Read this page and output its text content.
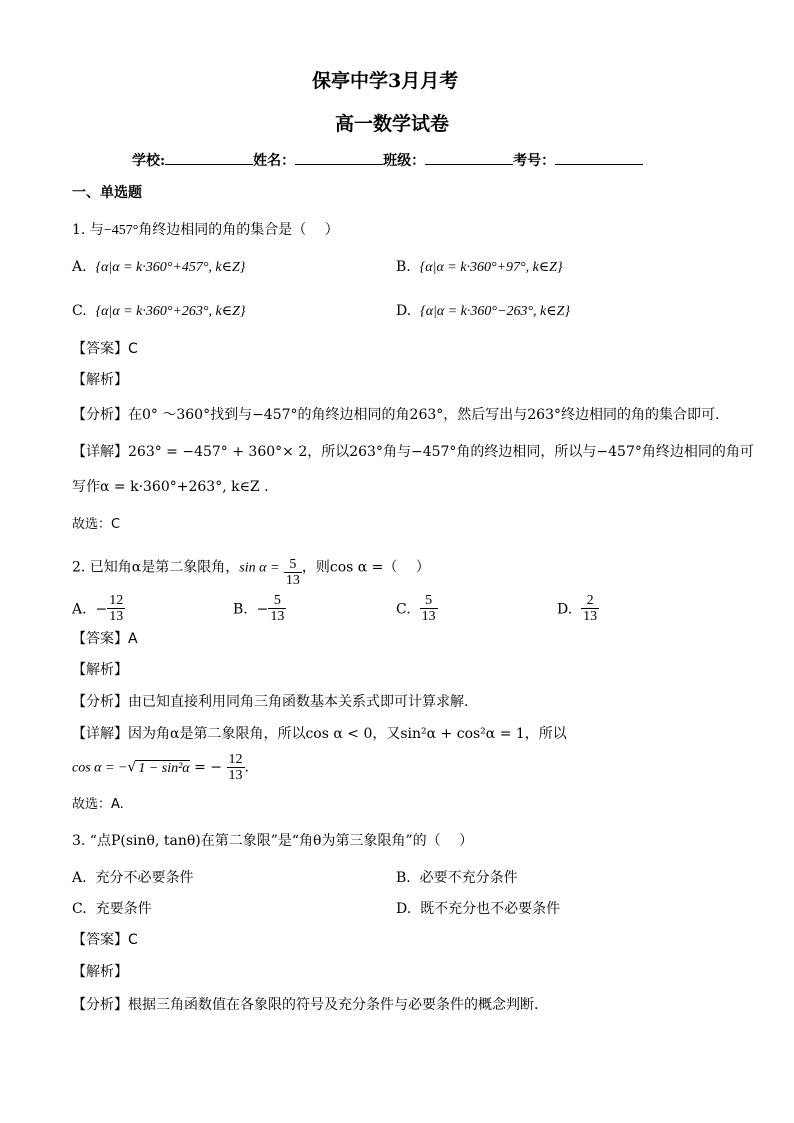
保亭中学3月月考
高一数学试卷
学校:	姓名：	班级：	考号：
一、单选题
1. 与−457°角终边相同的角的集合是（　 ）
A. {α|α = k·360°+457°, k∈Z}	B. {α|α = k·360°+97°, k∈Z}
C. {α|α = k·360°+263°, k∈Z}	D. {α|α = k·360°−263°, k∈Z}
【答案】C
【解析】
【分析】在0° ～360°找到与−457°的角终边相同的角263°，然后写出与263°终边相同的角的集合即可.
【详解】263° = −457° + 360°× 2，所以263°角与−457°角的终边相同，所以与−457°角终边相同的角可
写作α = k·360°+263°, k∈Z .
故选：C
2. 已知角α是第二象限角，$\sin \alpha = \frac{5}{13}$ ，则cos α =（　 ）
A. − $\frac{12}{13}$	B. − $\frac{5}{13}$	C. $\frac{5}{13}$	D. $\frac{2}{13}$
【答案】A
【解析】
【分析】由已知直接利用同角三角函数基本关系式即可计算求解.
【详解】因为角α是第二象限角，所以cos α < 0，又sin²α + cos²α = 1，所以
cos α = −√ 1 − sin²α = − $\frac{12}{13}$ .
故选：A.
3. “点P(sinθ, tanθ)在第二象限”是“角θ为第三象限角”的（　 ）
A. 充分不必要条件	B. 必要不充分条件
C. 充要条件	D. 既不充分也不必要条件
【答案】C
【解析】
【分析】根据三角函数值在各象限的符号及充分条件与必要条件的概念判断.
